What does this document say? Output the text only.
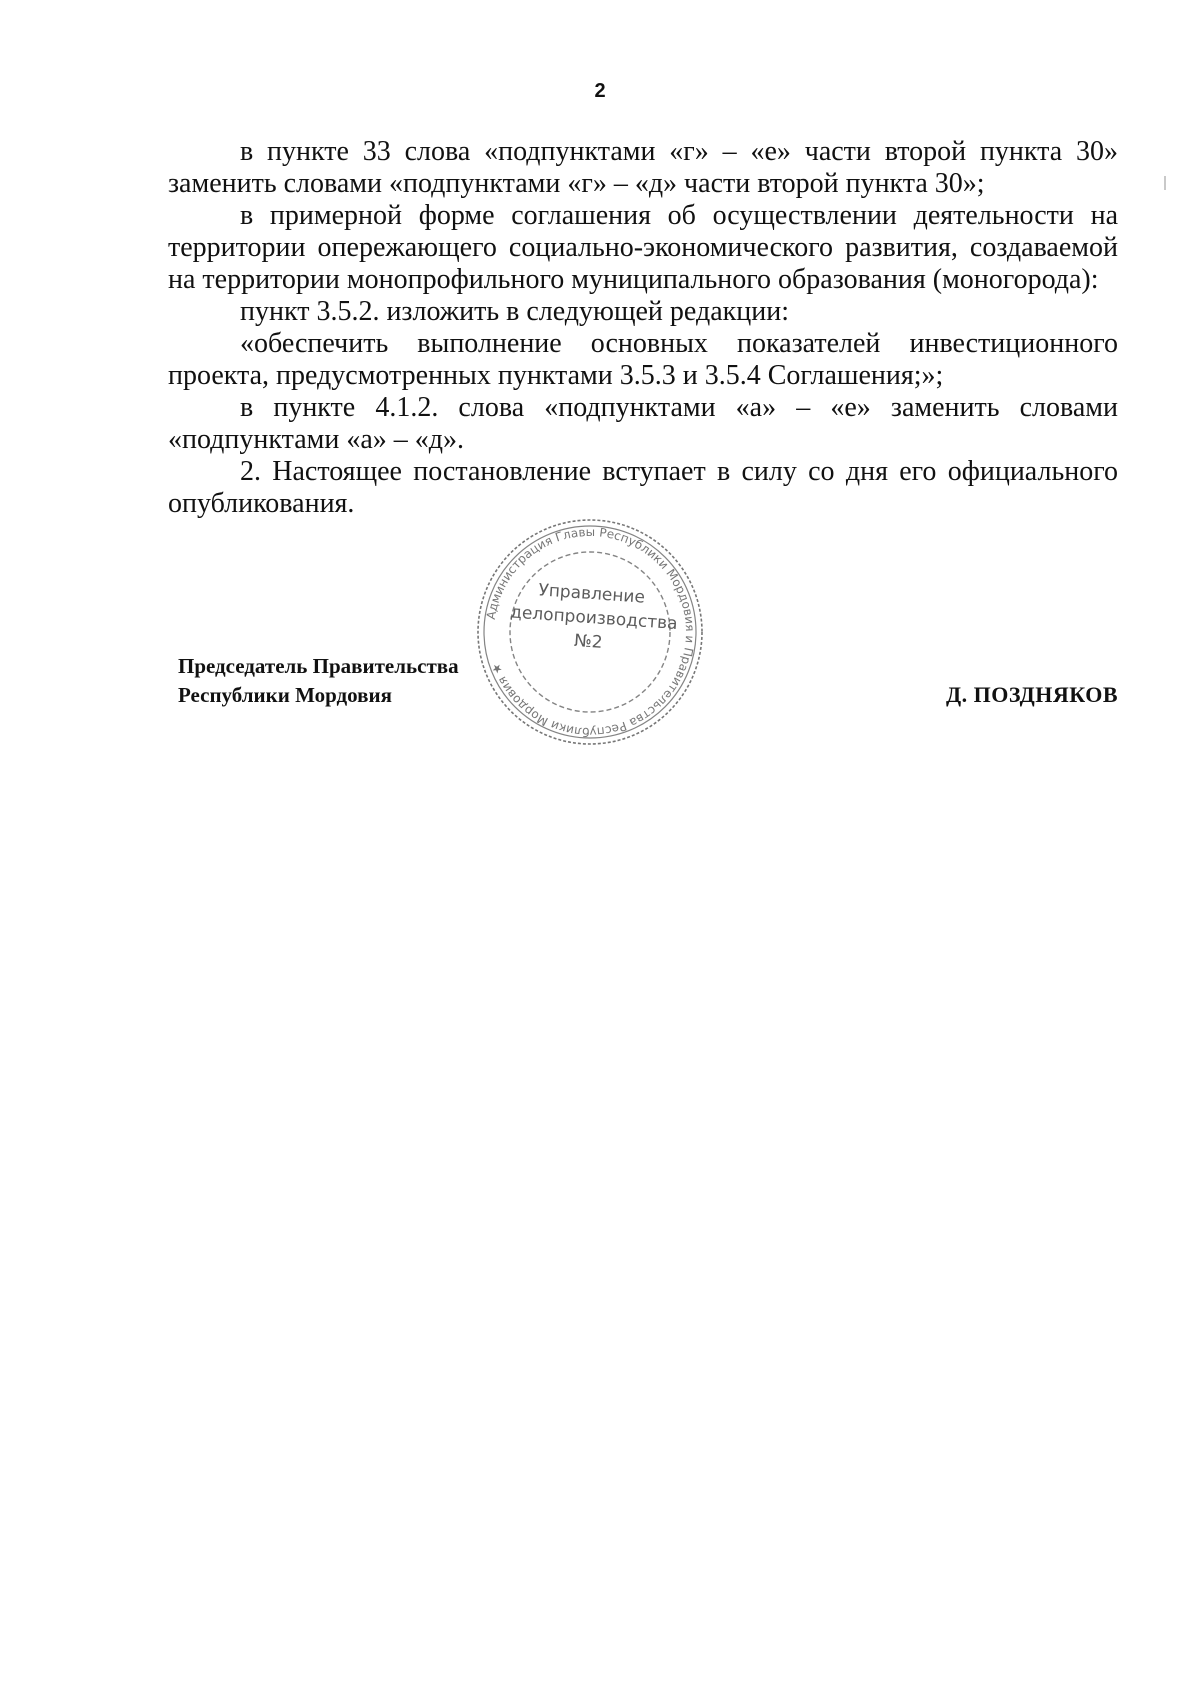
2

в пункте 33 слова «подпунктами «г» – «е» части второй пункта 30» заменить словами «подпунктами «г» – «д» части второй пункта 30»;

в примерной форме соглашения об осуществлении деятельности на территории опережающего социально-экономического развития, создаваемой на территории монопрофильного муниципального образования (моногорода):

пункт 3.5.2. изложить в следующей редакции:

«обеспечить выполнение основных показателей инвестиционного проекта, предусмотренных пунктами 3.5.3 и 3.5.4 Соглашения;»;

в пункте 4.1.2. слова «подпунктами «а» – «е» заменить словами «подпунктами «а» – «д».

2. Настоящее постановление вступает в силу со дня его официального опубликования.

Председатель Правительства
Республики Мордовия	Д. ПОЗДНЯКОВ
Администрация Главы Республики Мордовия и Правительства Республики Мордовия ★
Управление
делопроизводства
№2
